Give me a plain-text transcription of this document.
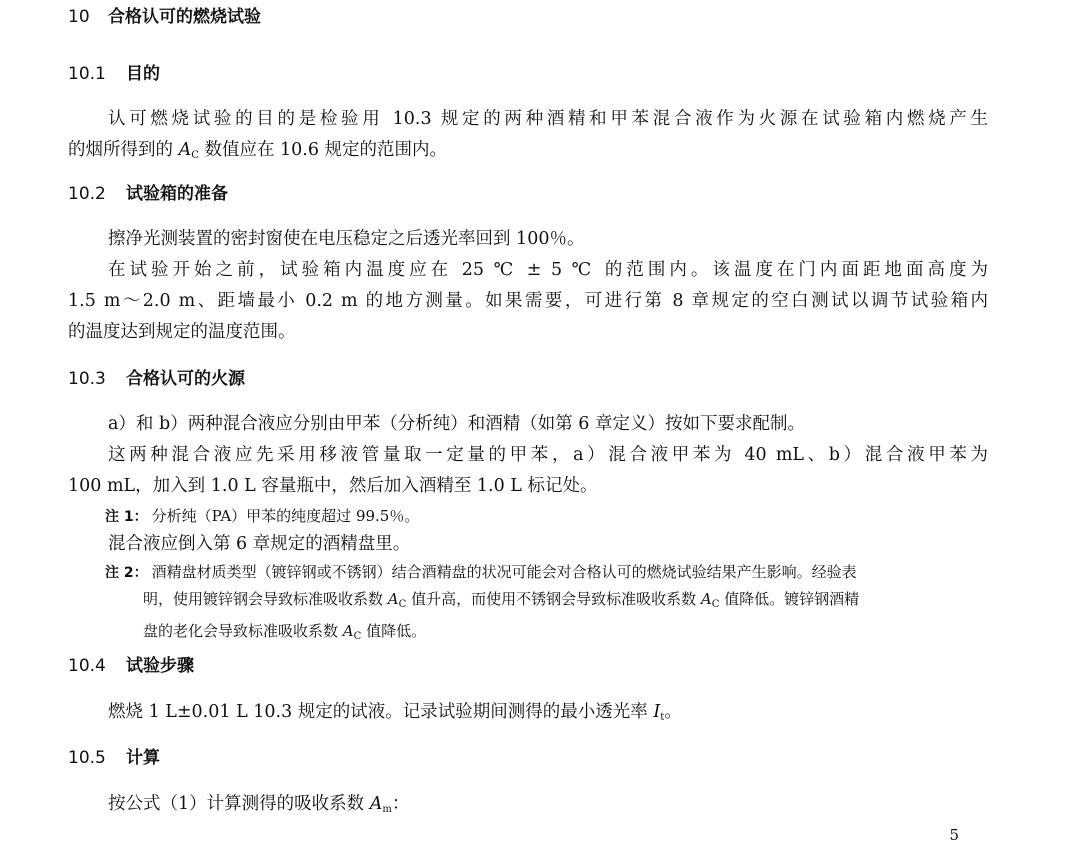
10 合格认可的燃烧试验
10.1 目的
认可燃烧试验的目的是检验用 10.3 规定的两种酒精和甲苯混合液作为火源在试验箱内燃烧产生
的烟所得到的 $A_C$ 数值应在 10.6 规定的范围内。
10.2 试验箱的准备
擦净光测装置的密封窗使在电压稳定之后透光率回到 100％。
在试验开始之前，试验箱内温度应在 25 ℃ ± 5 ℃ 的范围内。该温度在门内面距地面高度为
1.5 m～2.0 m、距墙最小 0.2 m 的地方测量。如果需要，可进行第 8 章规定的空白测试以调节试验箱内
的温度达到规定的温度范围。
10.3 合格认可的火源
a）和 b）两种混合液应分别由甲苯（分析纯）和酒精（如第 6 章定义）按如下要求配制。
这两种混合液应先采用移液管量取一定量的甲苯，a）混合液甲苯为 40 mL、b）混合液甲苯为
100 mL，加入到 1.0 L 容量瓶中，然后加入酒精至 1.0 L 标记处。
注 1： 分析纯（PA）甲苯的纯度超过 99.5％。
混合液应倒入第 6 章规定的酒精盘里。
注 2： 酒精盘材质类型（镀锌钢或不锈钢）结合酒精盘的状况可能会对合格认可的燃烧试验结果产生影响。经验表
明，使用镀锌钢会导致标准吸收系数 $A_C$ 值升高，而使用不锈钢会导致标准吸收系数 $A_C$ 值降低。镀锌钢酒精
盘的老化会导致标准吸收系数 $A_C$ 值降低。
10.4 试验步骤
燃烧 1 L±0.01 L 10.3 规定的试液。记录试验期间测得的最小透光率 $I_t$。
10.5 计算
按公式（1）计算测得的吸收系数 $A_m$：
5
